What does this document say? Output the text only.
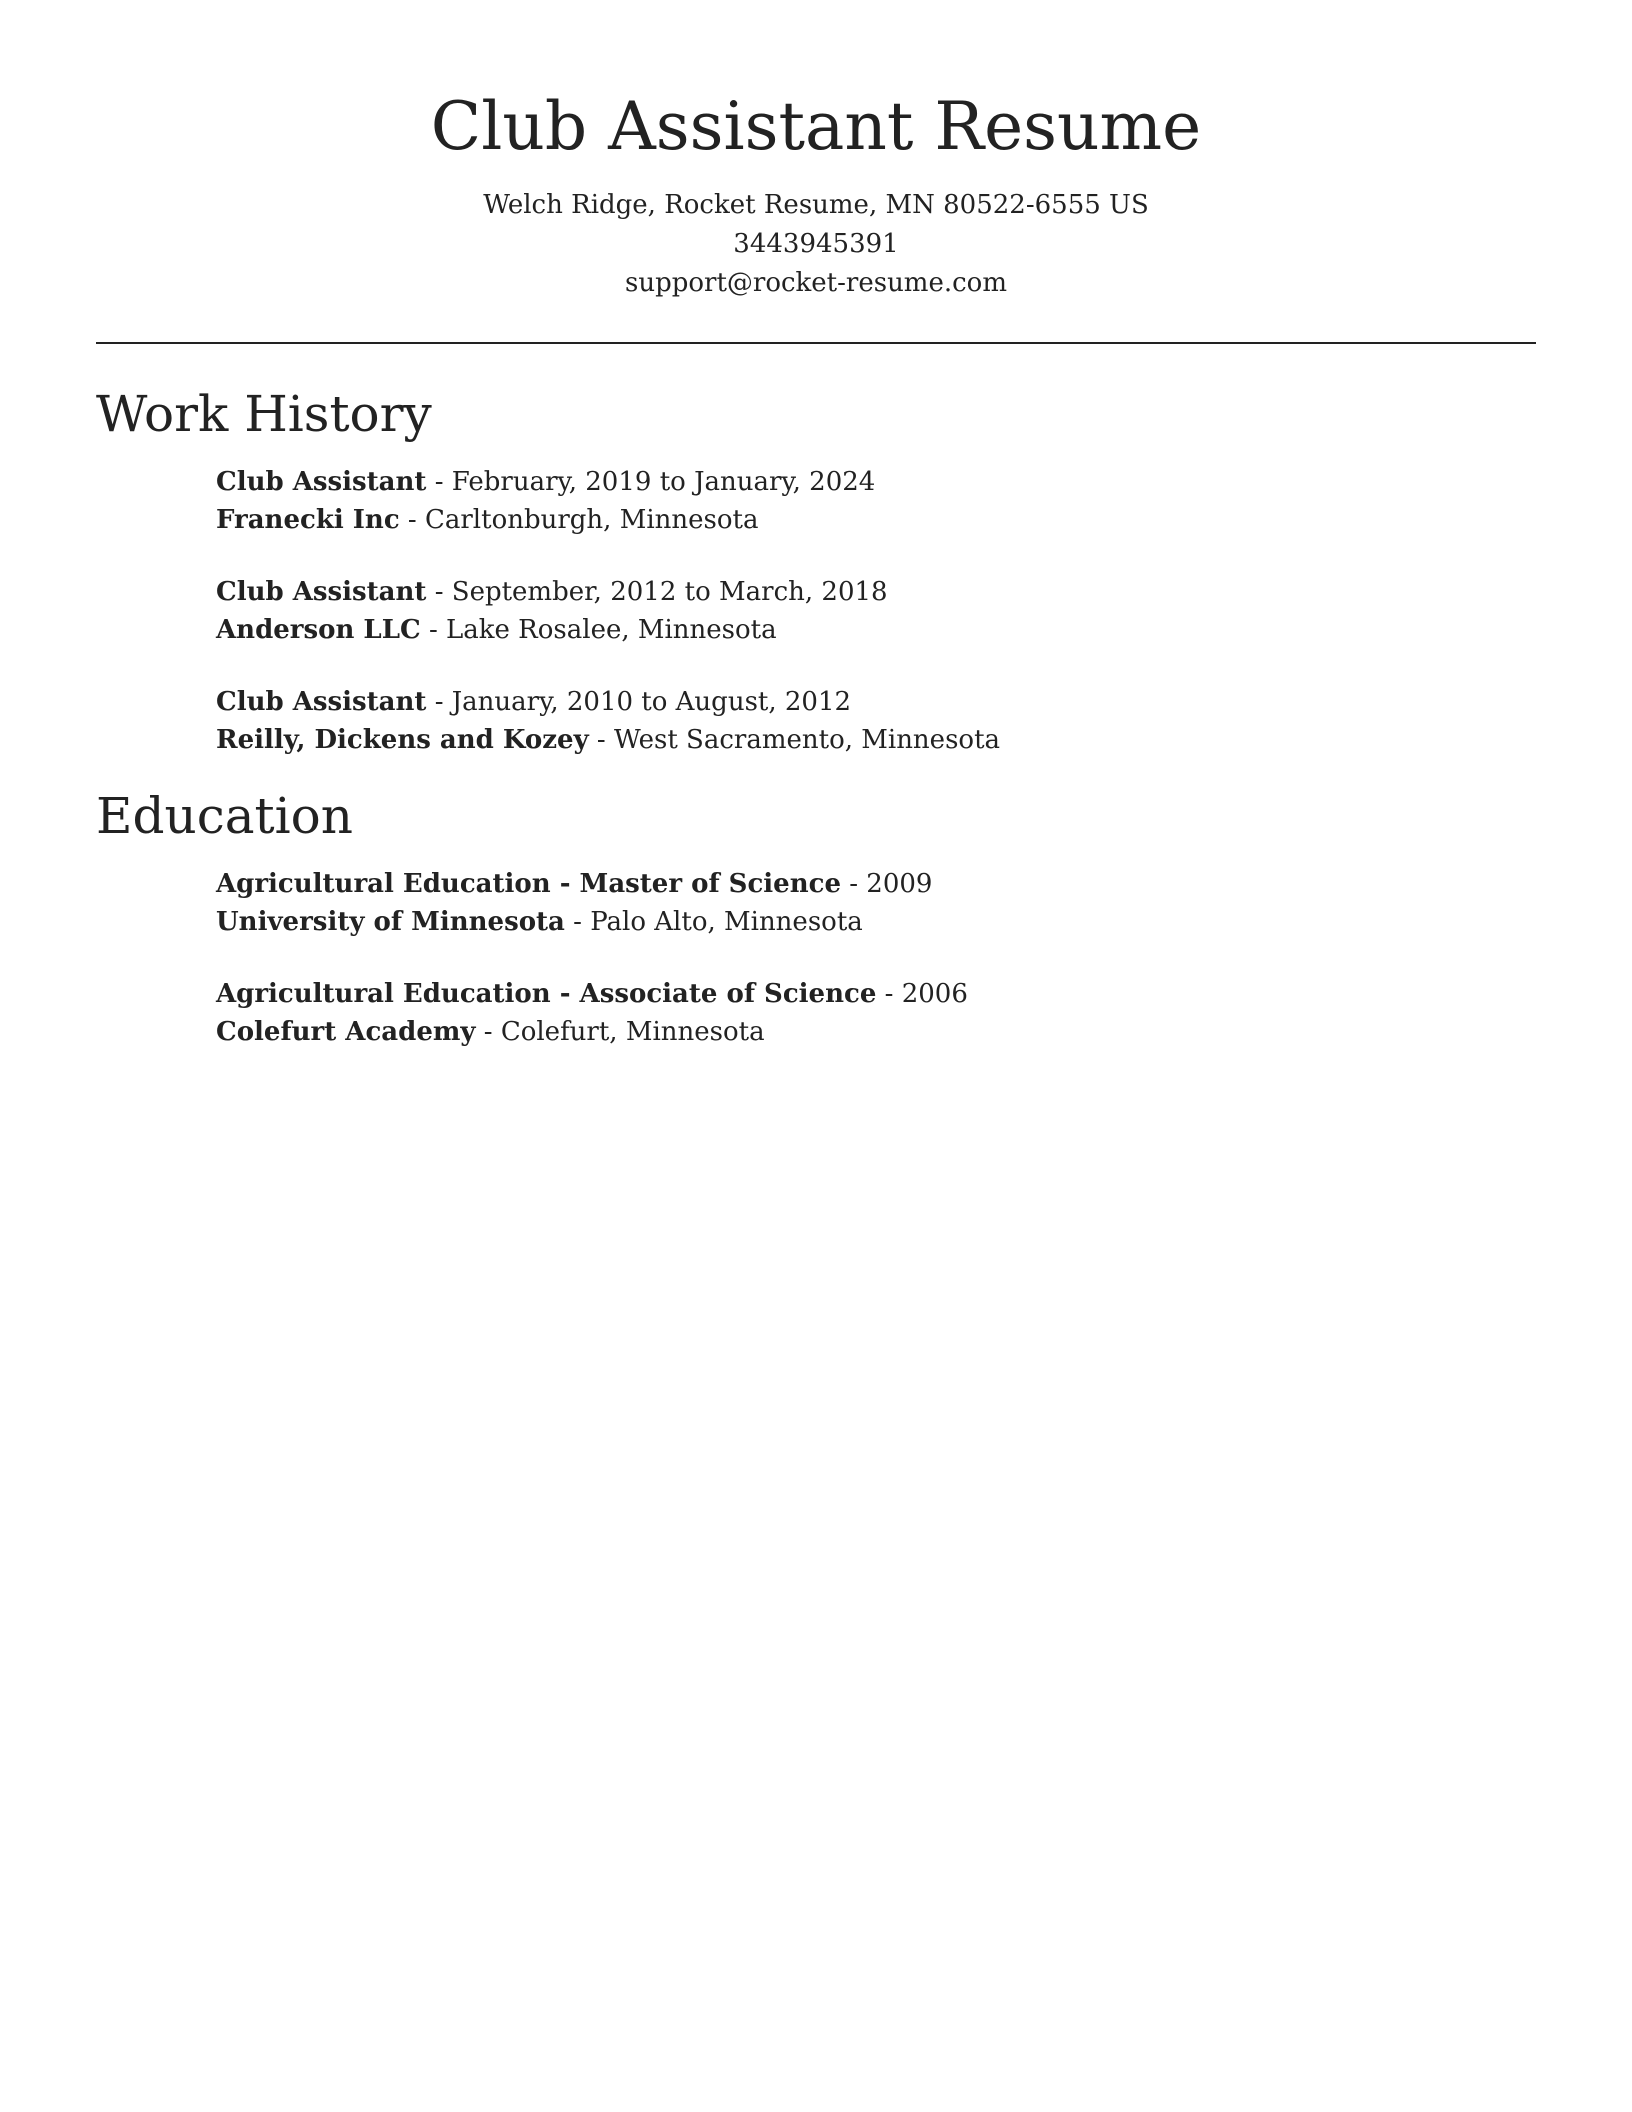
Club Assistant Resume
Welch Ridge, Rocket Resume, MN 80522-6555 US
3443945391
support@rocket-resume.com
Work History
Club Assistant - February, 2019 to January, 2024
Franecki Inc - Carltonburgh, Minnesota
Club Assistant - September, 2012 to March, 2018
Anderson LLC - Lake Rosalee, Minnesota
Club Assistant - January, 2010 to August, 2012
Reilly, Dickens and Kozey - West Sacramento, Minnesota
Education
Agricultural Education - Master of Science - 2009
University of Minnesota - Palo Alto, Minnesota
Agricultural Education - Associate of Science - 2006
Colefurt Academy - Colefurt, Minnesota
